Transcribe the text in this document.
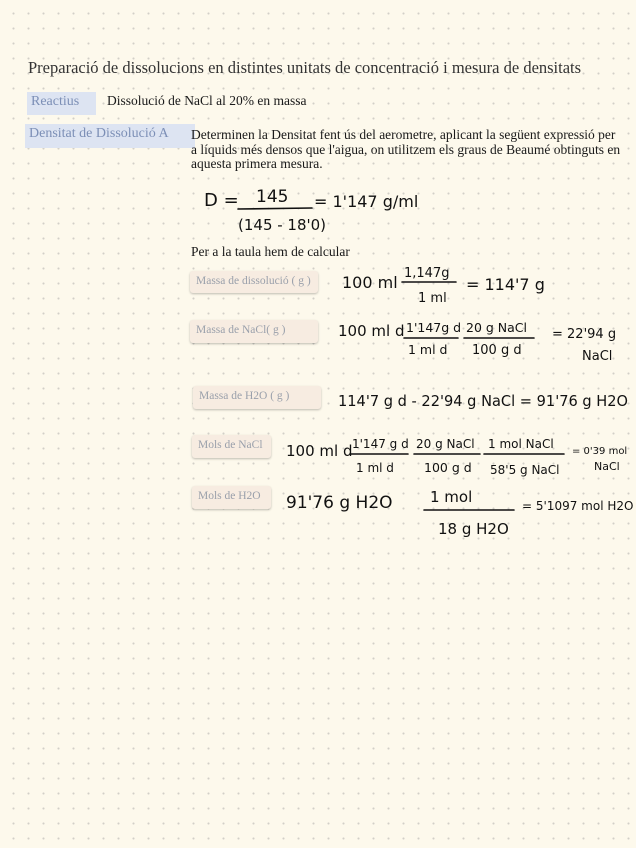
Preparació de dissolucions en distintes unitats de concentració i mesura de densitats
Reactius	Dissolució de NaCl al 20% en massa
Densitat de Dissolució A	Determinen la Densitat fent ús del aerometre, aplicant la següent expressió per a líquids més densos que l'aigua, on utilitzem els graus de Beaumé obtinguts en aquesta primera mesura.
D = 145
(145 - 18'0)
= 1'147 g/ml
Per a la taula hem de calcular
Massa de dissolució ( g )	100 ml 1,147g
1 ml
= 114'7 g
Massa de NaCl( g )	100 ml d 1'147g d
1 ml d
20 g NaCl
100 g d
= 22'94 g
NaCl
Massa de H2O ( g )	114'7 g d - 22'94 g NaCl = 91'76 g H2O
Mols de NaCl	100 ml d 1'147 g d
1 ml d
20 g NaCl
100 g d
1 mol NaCl
58'5 g NaCl
= 0'39 mol
NaCl
Mols de H2O	91'76 g H2O 1 mol
18 g H2O
= 5'1097 mol H2O
